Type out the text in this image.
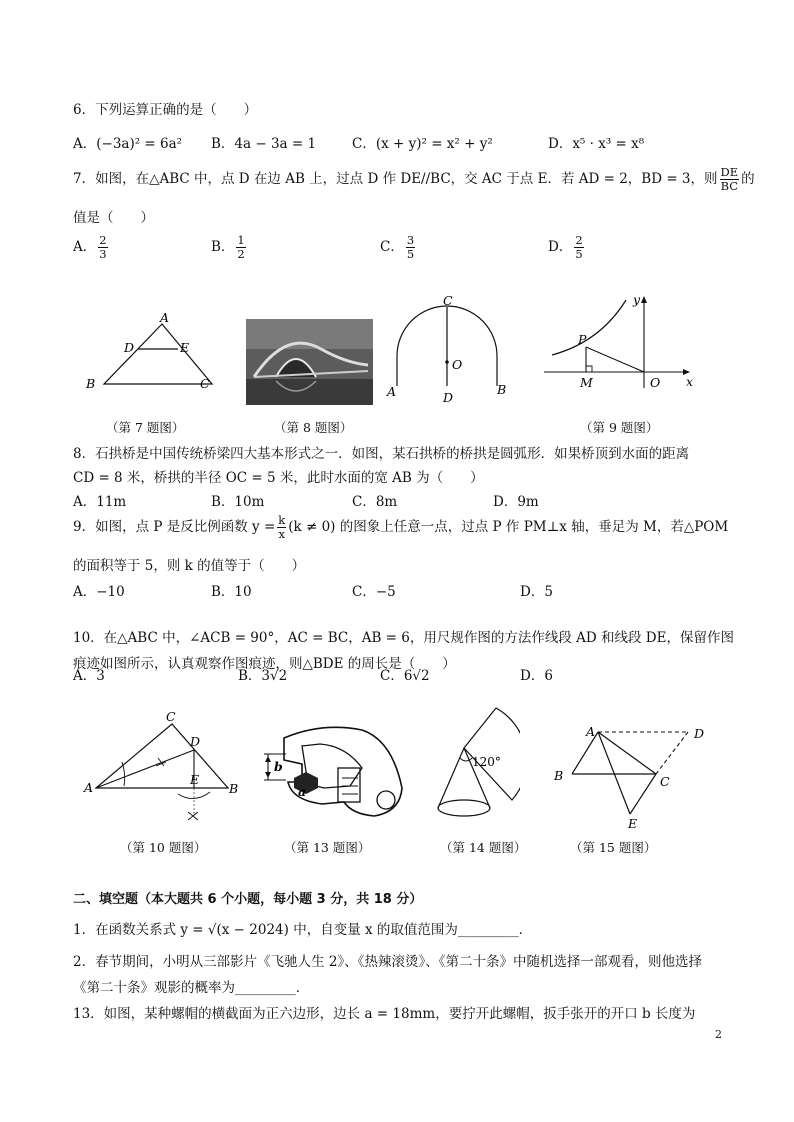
6．下列运算正确的是（　　）
A．(−3a)² = 6a² B．4a − 3a = 1	C．(x + y)² = x² + y²	D．x⁵ · x³ = x⁸
7．如图，在△ABC 中，点 D 在边 AB 上，过点 D 作 DE//BC，交 AC 于点 E．若 AD = 2，BD = 3，则 $\frac{DE}{BC}$ 的
值是（　　）
A． $\frac{2}{3}$	B． $\frac{1}{2}$	C． $\frac{3}{5}$	D． $\frac{2}{5}$
A
D	E
B	C
（第 7 题图）	（第 8 题图）
C
O
A	B
D
y
P
M	O x
（第 9 题图）
8．石拱桥是中国传统桥梁四大基本形式之一．如图，某石拱桥的桥拱是圆弧形．如果桥顶到水面的距离
CD = 8 米，桥拱的半径 OC = 5 米，此时水面的宽 AB 为（　　）
A．11m	B．10m	C．8m	D．9m
9．如图，点 P 是反比例函数 $y = \frac{k}{x} (k \ne 0)$ 的图象上任意一点，过点 P 作 PM⊥x 轴，垂足为 M，若△POM
的面积等于 5，则 k 的值等于（　　）
A．−10	B．10	C．−5	D．5
10．在△ABC 中，∠ACB = 90°，AC = BC，AB = 6，用尺规作图的方法作线段 AD 和线段 DE，保留作图
痕迹如图所示，认真观察作图痕迹，则△BDE 的周长是（　　）
A．3	B．3√2	C．6√2	D．6
C
D
A
E
B
（第 10 题图）
b
a
（第 13 题图）
120°
（第 14 题图）
A	D
B	C
E
（第 15 题图）
二、填空题（本大题共 6 个小题，每小题 3 分，共 18 分）
1．在函数关系式 y = √(x − 2024) 中，自变量 x 的取值范围为_________．
2．春节期间，小明从三部影片《飞驰人生 2》、《热辣滚烫》、《第二十条》中随机选择一部观看，则他选择
《第二十条》观影的概率为_________．
13．如图，某种螺帽的横截面为正六边形，边长 a = 18mm，要拧开此螺帽，扳手张开的开口 b 长度为
2
